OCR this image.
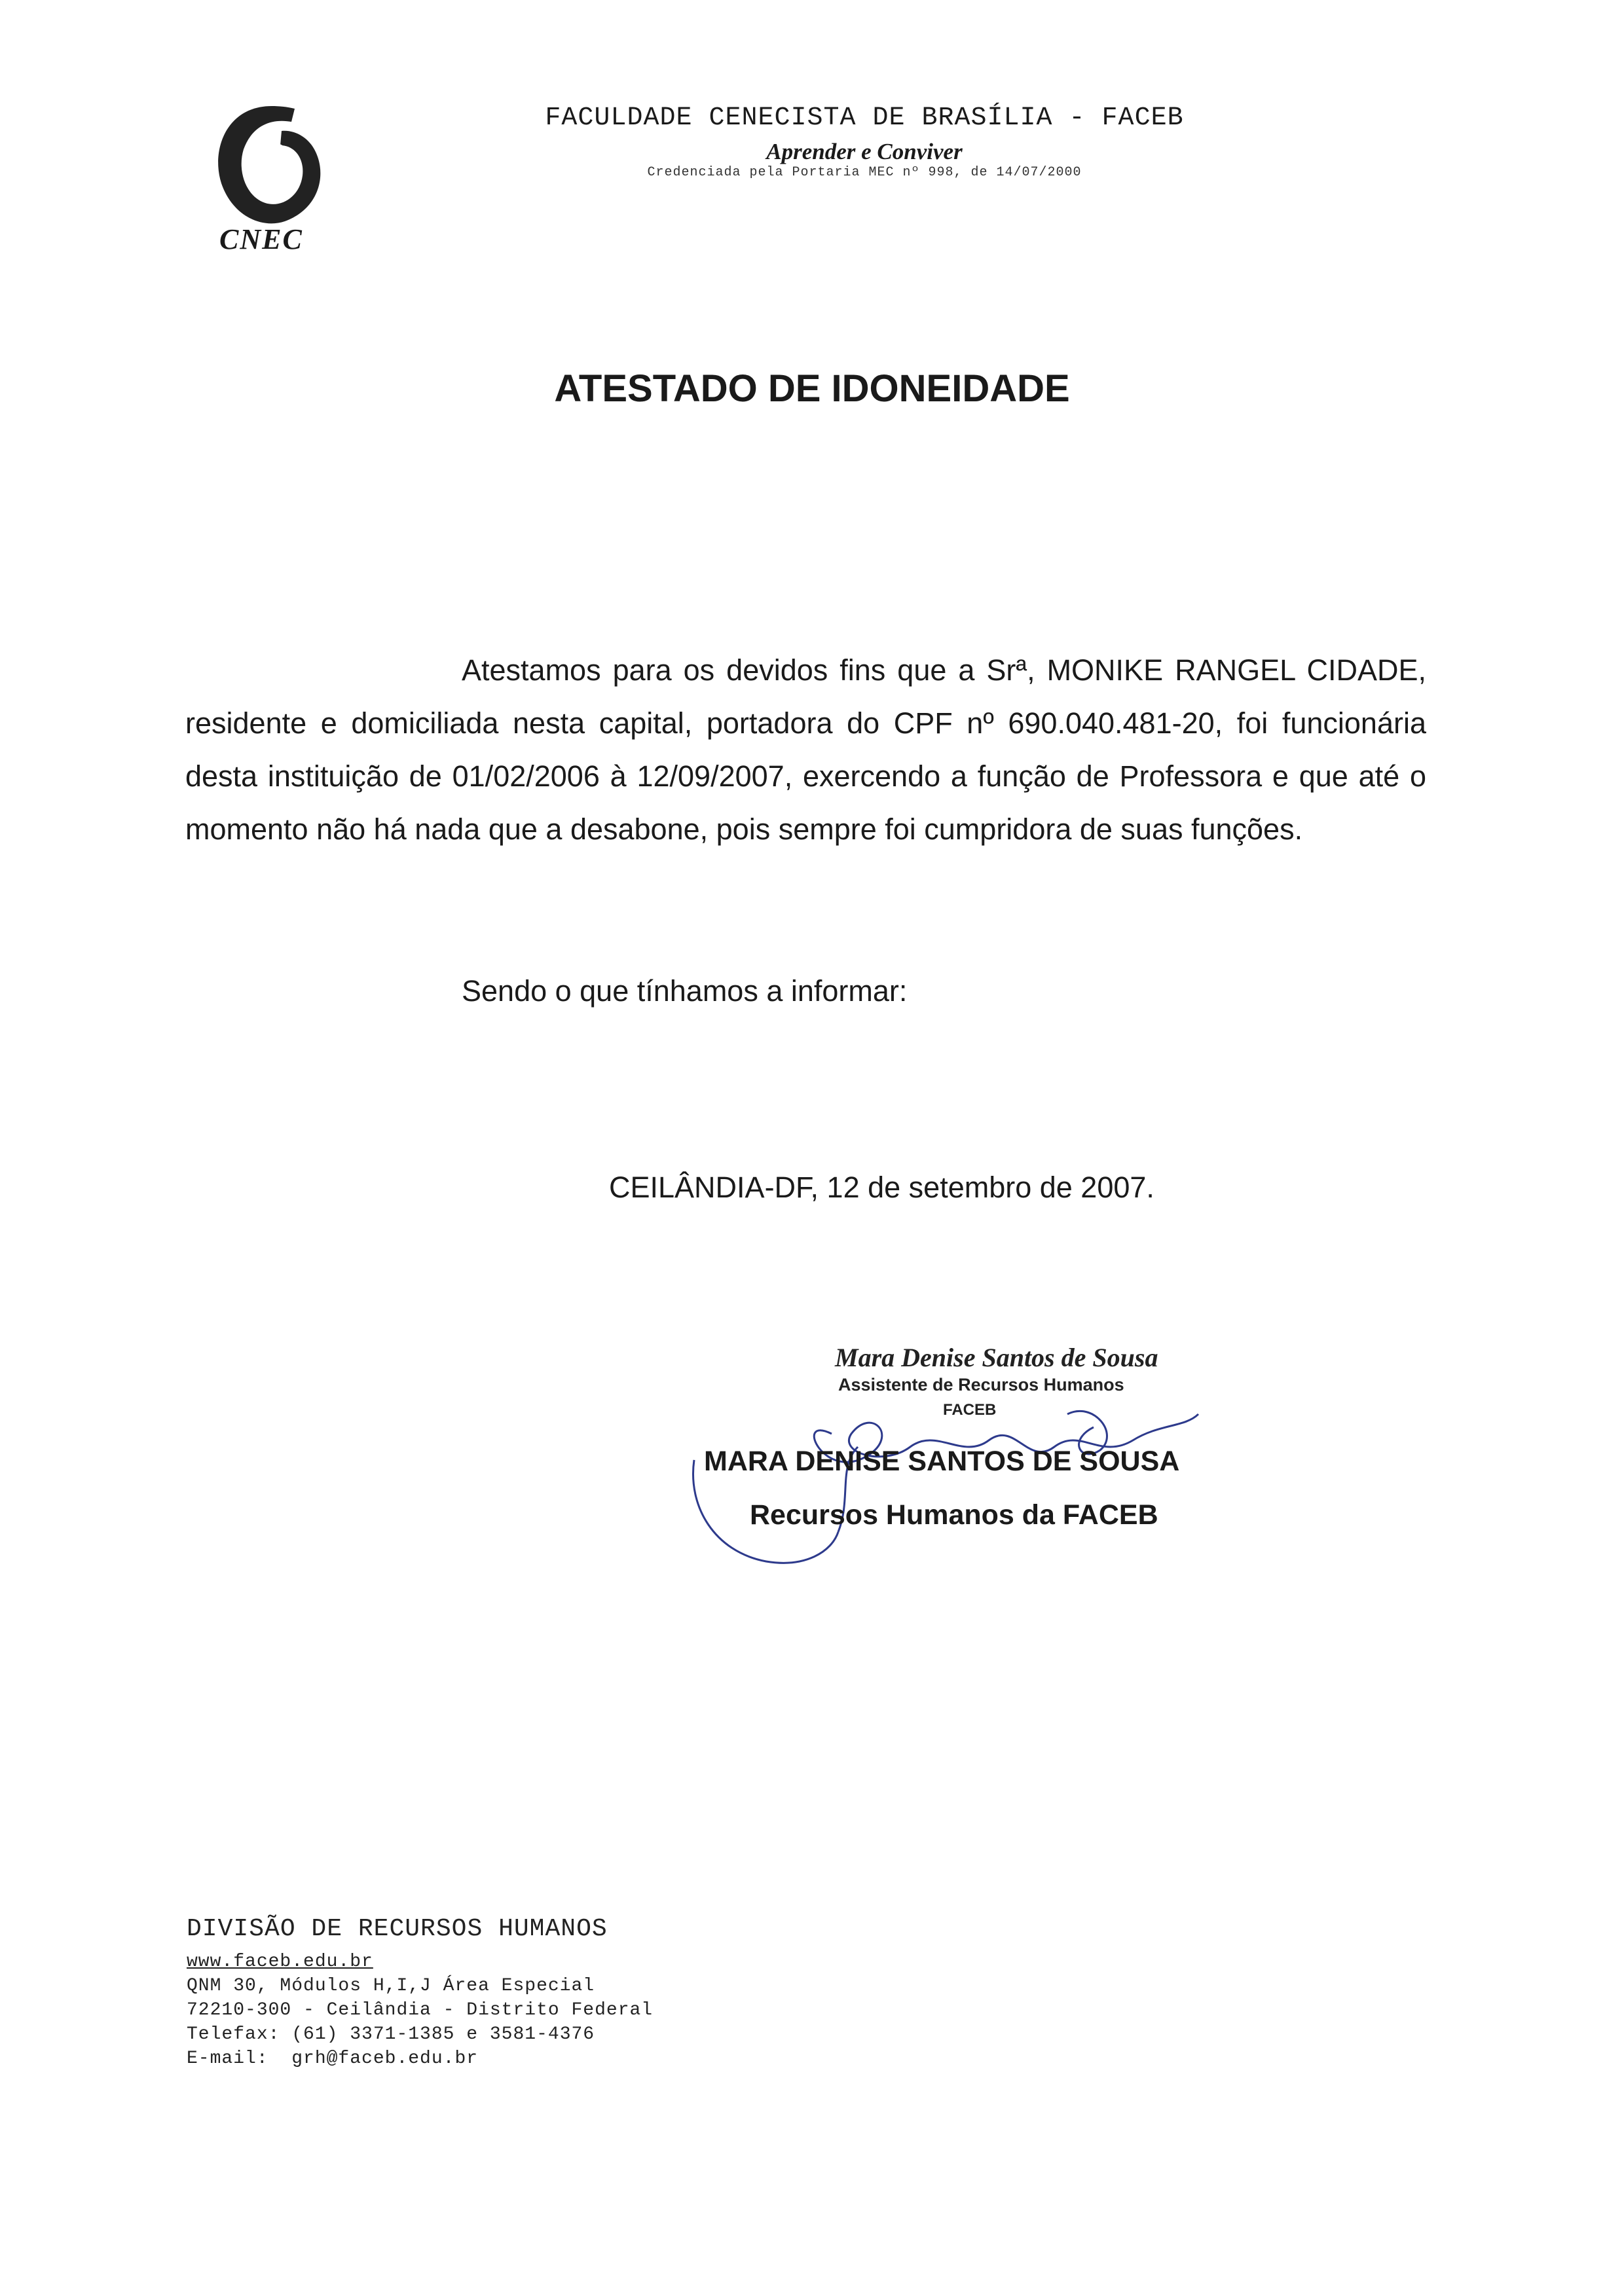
CNEC
FACULDADE CENECISTA DE BRASÍLIA - FACEB
Aprender e Conviver
Credenciada pela Portaria MEC nº 998, de 14/07/2000
ATESTADO DE IDONEIDADE
Atestamos para os devidos fins que a Srª, MONIKE RANGEL CIDADE, residente e domiciliada nesta capital, portadora do CPF nº 690.040.481-20, foi funcionária desta instituição de 01/02/2006 à 12/09/2007, exercendo a função de Professora e que até o momento não há nada que a desabone, pois sempre foi cumpridora de suas funções.
Sendo o que tínhamos a informar:
CEILÂNDIA-DF, 12 de setembro de 2007.
Mara Denise Santos de Sousa
Assistente de Recursos Humanos
FACEB
MARA DENISE SANTOS DE SOUSA
Recursos Humanos da FACEB
DIVISÃO DE RECURSOS HUMANOS
www.faceb.edu.br
QNM 30, Módulos H,I,J Área Especial
72210-300 - Ceilândia - Distrito Federal
Telefax: (61) 3371-1385 e 3581-4376
E-mail:  grh@faceb.edu.br
